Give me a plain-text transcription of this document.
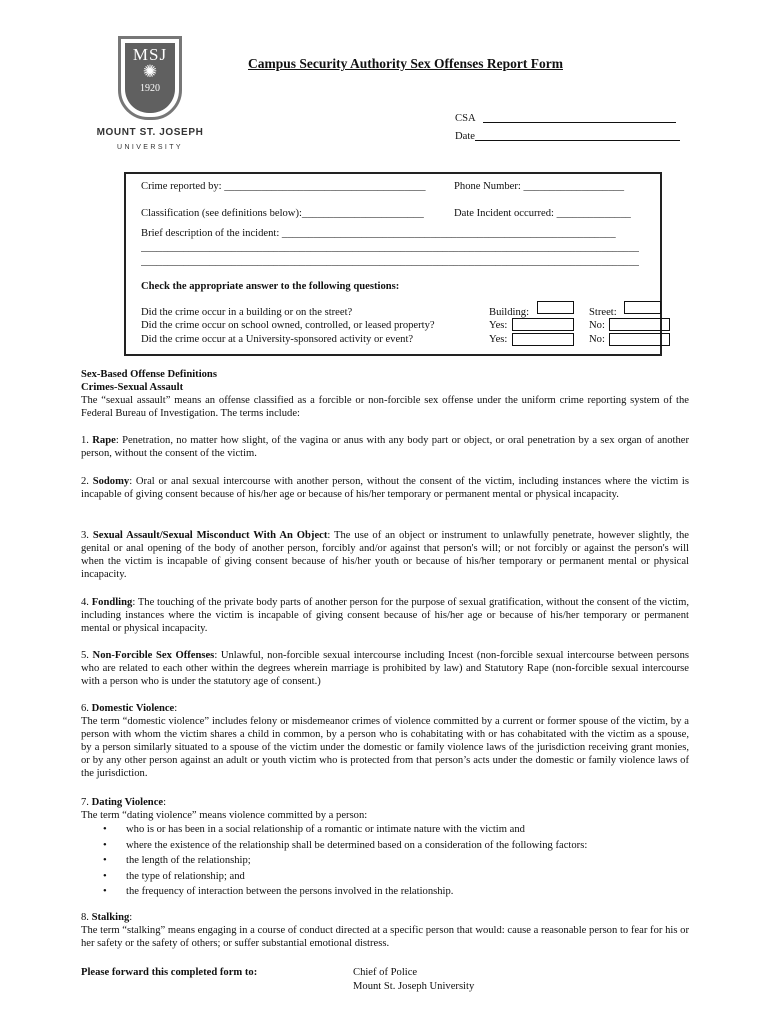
MSJ
✺
1920
MOUNT ST. JOSEPH
UNIVERSITY
Campus Security Authority Sex Offenses Report Form
CSA
Date
Crime reported by: ______________________________________	Phone Number: ___________________
Classification (see definitions below):_______________________	Date Incident occurred: ______________
Brief description of the incident: _______________________________________________________________
______________________________________________________________________________________________
______________________________________________________________________________________________
Check the appropriate answer to the following questions:
Did the crime occur in a building or on the street?	Building:	Street:
Did the crime occur on school owned, controlled, or leased property?	Yes:	No:
Did the crime occur at a University-sponsored activity or event?	Yes:	No:
Sex-Based Offense Definitions
Crimes-Sexual Assault
The “sexual assault” means an offense classified as a forcible or non-forcible sex offense under the uniform crime reporting system of the Federal Bureau of Investigation. The terms include:
1. Rape: Penetration, no matter how slight, of the vagina or anus with any body part or object, or oral penetration by a sex organ of another person, without the consent of the victim.
2. Sodomy: Oral or anal sexual intercourse with another person, without the consent of the victim, including instances where the victim is incapable of giving consent because of his/her age or because of his/her temporary or permanent mental or physical incapacity.
3. Sexual Assault/Sexual Misconduct With An Object: The use of an object or instrument to unlawfully penetrate, however slightly, the genital or anal opening of the body of another person, forcibly and/or against that person's will; or not forcibly or against the person's will when the victim is incapable of giving consent because of his/her youth or because of his/her temporary or permanent mental or physical incapacity.
4. Fondling: The touching of the private body parts of another person for the purpose of sexual gratification, without the consent of the victim, including instances where the victim is incapable of giving consent because of his/her age or because of his/her temporary or permanent mental or physical incapacity.
5. Non-Forcible Sex Offenses: Unlawful, non-forcible sexual intercourse including Incest (non-forcible sexual intercourse between persons who are related to each other within the degrees wherein marriage is prohibited by law) and Statutory Rape (non-forcible sexual intercourse with a person who is under the statutory age of consent.)
6. Domestic Violence:
The term “domestic violence” includes felony or misdemeanor crimes of violence committed by a current or former spouse of the victim, by a person with whom the victim shares a child in common, by a person who is cohabitating with or has cohabitated with the victim as a spouse, by a person similarly situated to a spouse of the victim under the domestic or family violence laws of the jurisdiction receiving grant monies, or by any other person against an adult or youth victim who is protected from that person’s acts under the domestic or family violence laws of the jurisdiction.
7. Dating Violence:
The term “dating violence” means violence committed by a person:
• who is or has been in a social relationship of a romantic or intimate nature with the victim and
• where the existence of the relationship shall be determined based on a consideration of the following factors:
• the length of the relationship;
• the type of relationship; and
• the frequency of interaction between the persons involved in the relationship.
8. Stalking:
The term “stalking” means engaging in a course of conduct directed at a specific person that would: cause a reasonable person to fear for his or her safety or the safety of others; or suffer substantial emotional distress.
Please forward this completed form to:	Chief of Police
Mount St. Joseph University
